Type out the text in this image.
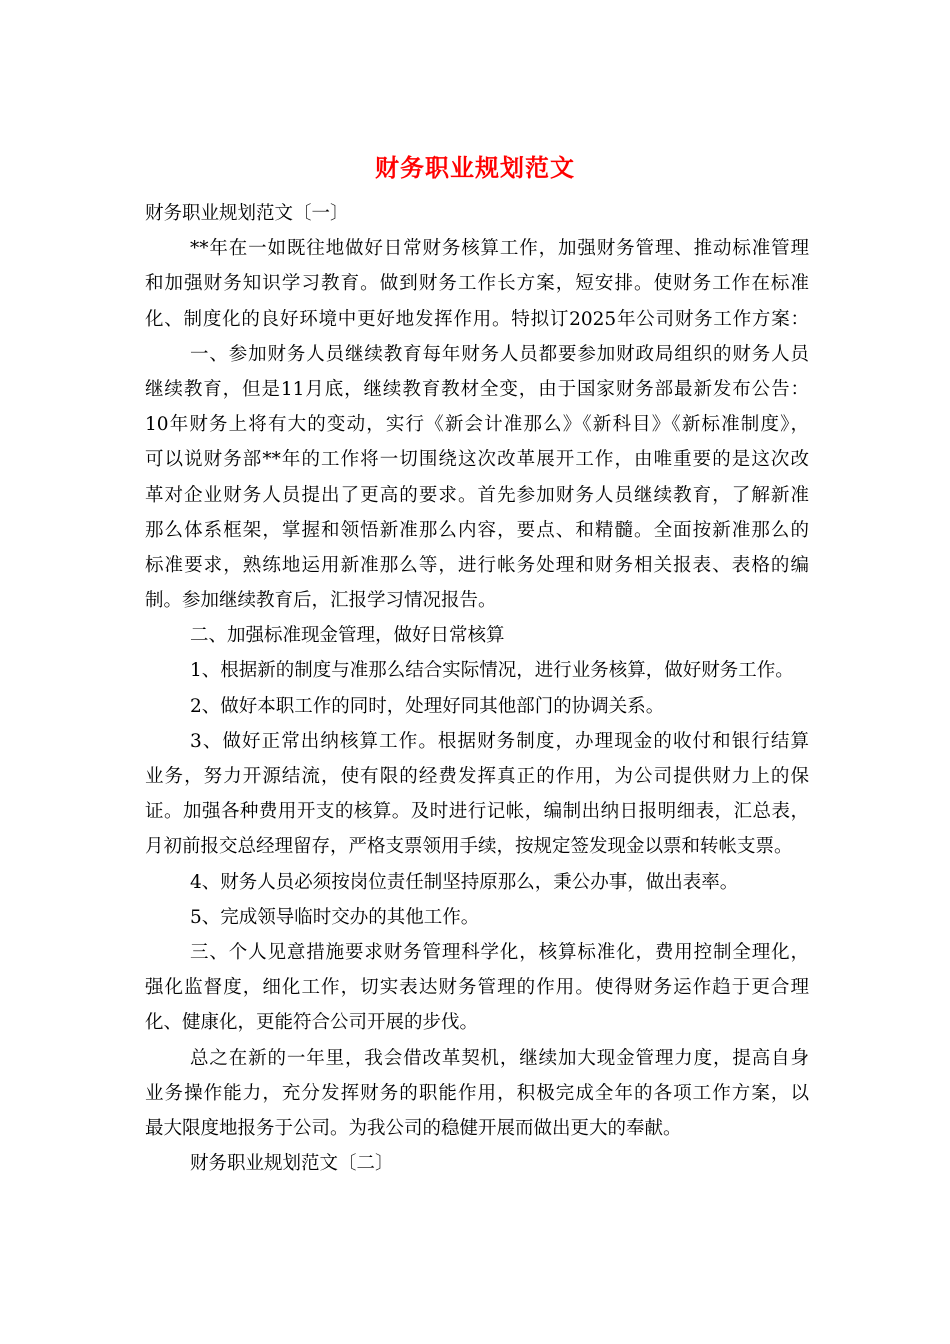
财务职业规划范文
财务职业规划范文〔一〕
**年在一如既往地做好日常财务核算工作，加强财务管理、推动标准管理
和加强财务知识学习教育。做到财务工作长方案，短安排。使财务工作在标准
化、制度化的良好环境中更好地发挥作用。特拟订2025年公司财务工作方案：
一、参加财务人员继续教育每年财务人员都要参加财政局组织的财务人员
继续教育，但是11月底，继续教育教材全变，由于国家财务部最新发布公告：
10年财务上将有大的变动，实行《新会计准那么》《新科目》《新标准制度》，
可以说财务部**年的工作将一切围绕这次改革展开工作，由唯重要的是这次改
革对企业财务人员提出了更高的要求。首先参加财务人员继续教育，了解新准
那么体系框架，掌握和领悟新准那么内容，要点、和精髓。全面按新准那么的
标准要求，熟练地运用新准那么等，进行帐务处理和财务相关报表、表格的编
制。参加继续教育后，汇报学习情况报告。
二、加强标准现金管理，做好日常核算
1、根据新的制度与准那么结合实际情况，进行业务核算，做好财务工作。
2、做好本职工作的同时，处理好同其他部门的协调关系。
3、做好正常出纳核算工作。根据财务制度，办理现金的收付和银行结算
业务，努力开源结流，使有限的经费发挥真正的作用，为公司提供财力上的保
证。加强各种费用开支的核算。及时进行记帐，编制出纳日报明细表，汇总表，
月初前报交总经理留存，严格支票领用手续，按规定签发现金以票和转帐支票。
4、财务人员必须按岗位责任制坚持原那么，秉公办事，做出表率。
5、完成领导临时交办的其他工作。
三、个人见意措施要求财务管理科学化，核算标准化，费用控制全理化，
强化监督度，细化工作，切实表达财务管理的作用。使得财务运作趋于更合理
化、健康化，更能符合公司开展的步伐。
总之在新的一年里，我会借改革契机，继续加大现金管理力度，提高自身
业务操作能力，充分发挥财务的职能作用，积极完成全年的各项工作方案，以
最大限度地报务于公司。为我公司的稳健开展而做出更大的奉献。
财务职业规划范文〔二〕
